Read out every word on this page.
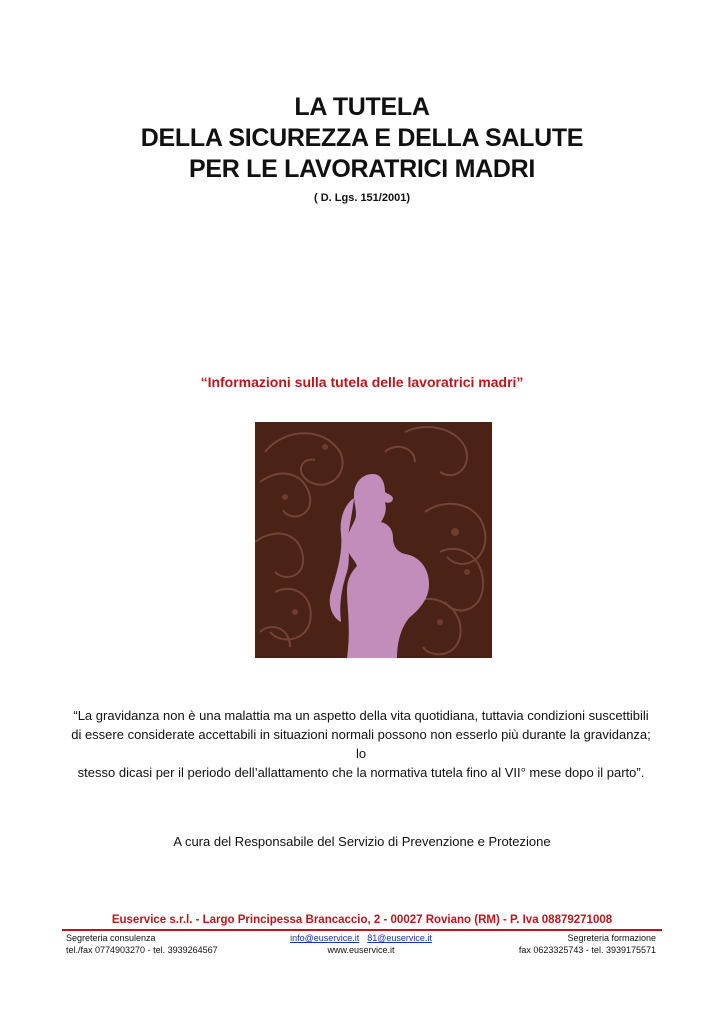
LA TUTELA
DELLA SICUREZZA E DELLA SALUTE
PER LE LAVORATRICI MADRI
( D. Lgs. 151/2001)
“Informazioni sulla tutela delle lavoratrici madri”
“La gravidanza non è una malattia ma un aspetto della vita quotidiana, tuttavia condizioni suscettibili
di essere considerate accettabili in situazioni normali possono non esserlo più durante la gravidanza; lo
stesso dicasi per il periodo dell’allattamento che la normativa tutela fino al VII° mese dopo il parto”.
A cura del Responsabile del Servizio di Prevenzione e Protezione
Euservice s.r.l. - Largo Principessa Brancaccio, 2 - 00027 Roviano (RM) - P. Iva 08879271008
Segreteria consulenza	info@euservice.it 81@euservice.it	Segreteria formazione
tel./fax 0774903270 - tel. 3939264567	www.euservice.it	fax 0623325743 - tel. 3939175571
